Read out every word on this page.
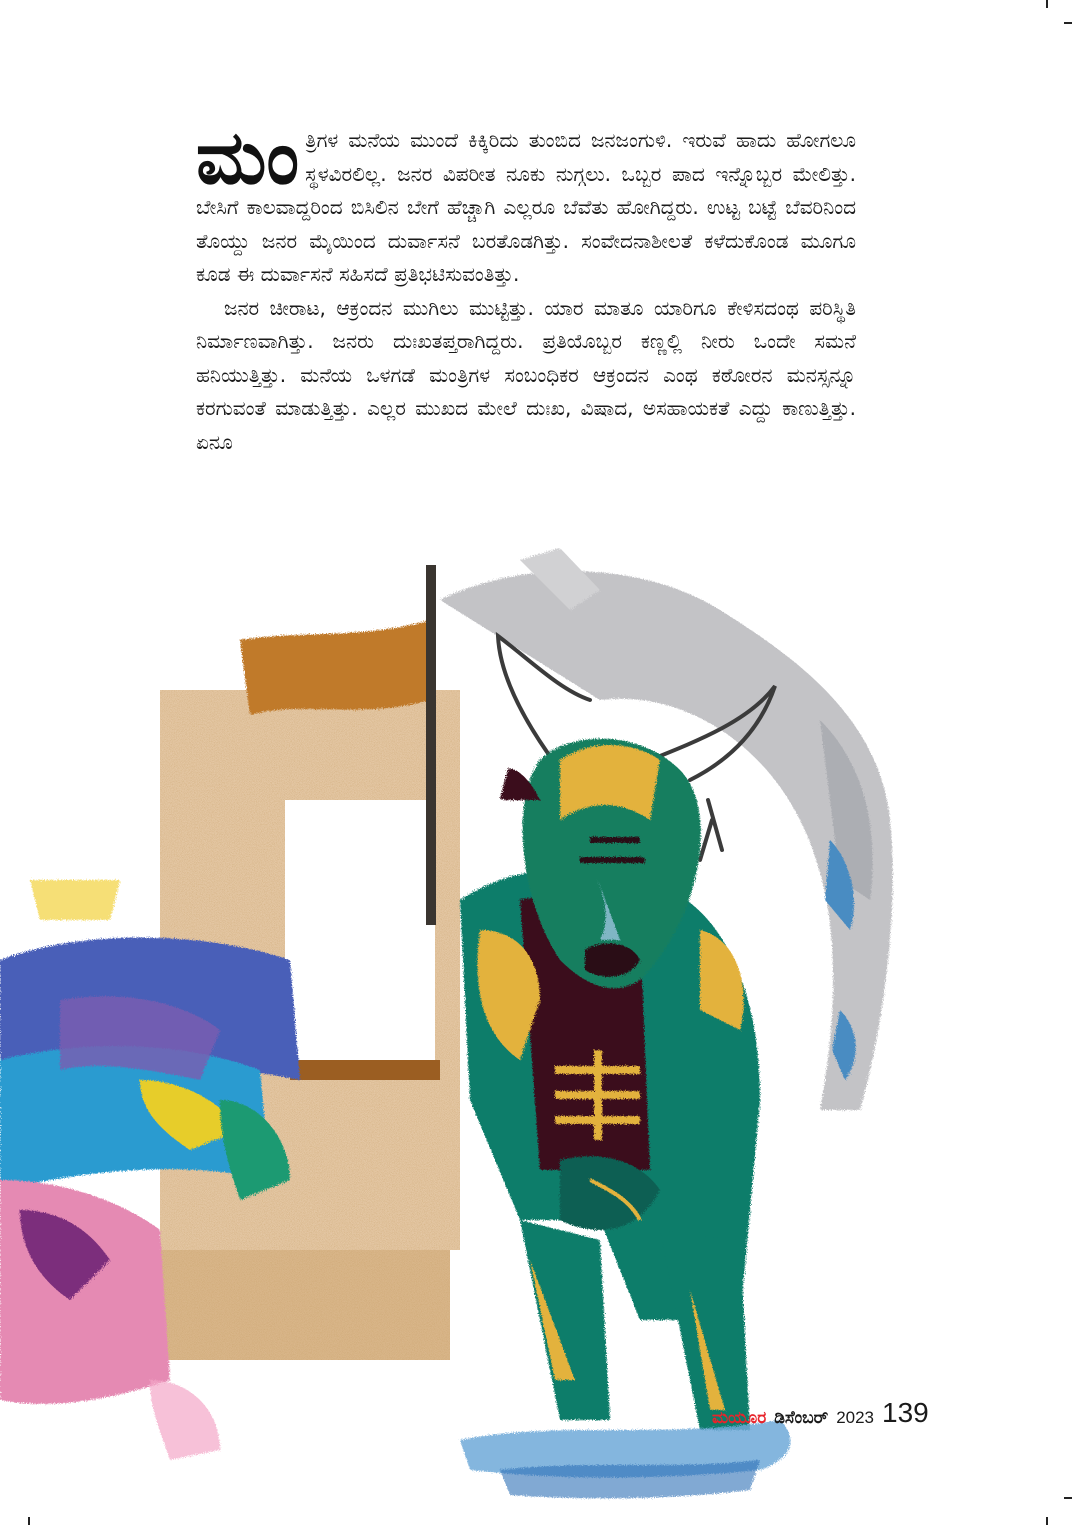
ಮಂತ್ರಿಗಳ ಮನೆಯ ಮುಂದೆ ಕಿಕ್ಕಿರಿದು ತುಂಬಿದ ಜನಜಂಗುಳಿ. ಇರುವೆ ಹಾದು ಹೋಗಲೂ ಸ್ಥಳವಿರಲಿಲ್ಲ. ಜನರ ವಿಪರೀತ ನೂಕು ನುಗ್ಗಲು. ಒಬ್ಬರ ಪಾದ ಇನ್ನೊಬ್ಬರ ಮೇಲಿತ್ತು. ಬೇಸಿಗೆ ಕಾಲವಾದ್ದರಿಂದ ಬಿಸಿಲಿನ ಬೇಗೆ ಹೆಚ್ಚಾಗಿ ಎಲ್ಲರೂ ಬೆವೆತು ಹೋಗಿದ್ದರು. ಉಟ್ಟ ಬಟ್ಟೆ ಬೆವರಿನಿಂದ ತೊಯ್ದು ಜನರ ಮೈಯಿಂದ ದುರ್ವಾಸನೆ ಬರತೊಡಗಿತ್ತು. ಸಂವೇದನಾಶೀಲತೆ ಕಳೆದುಕೊಂಡ ಮೂಗೂ ಕೂಡ ಈ ದುರ್ವಾಸನೆ ಸಹಿಸದೆ ಪ್ರತಿಭಟಿಸುವಂತಿತ್ತು.

ಜನರ ಚೀರಾಟ, ಆಕ್ರಂದನ ಮುಗಿಲು ಮುಟ್ಟಿತ್ತು. ಯಾರ ಮಾತೂ ಯಾರಿಗೂ ಕೇಳಿಸದಂಥ ಪರಿಸ್ಥಿತಿ ನಿರ್ಮಾಣವಾಗಿತ್ತು. ಜನರು ದುಃಖತಪ್ತರಾಗಿದ್ದರು. ಪ್ರತಿಯೊಬ್ಬರ ಕಣ್ಣಲ್ಲಿ ನೀರು ಒಂದೇ ಸಮನೆ ಹನಿಯುತ್ತಿತ್ತು. ಮನೆಯ ಒಳಗಡೆ ಮಂತ್ರಿಗಳ ಸಂಬಂಧಿಕರ ಆಕ್ರಂದನ ಎಂಥ ಕಠೋರನ ಮನಸ್ಸನ್ನೂ ಕರಗುವಂತೆ ಮಾಡುತ್ತಿತ್ತು. ಎಲ್ಲರ ಮುಖದ ಮೇಲೆ ದುಃಖ, ವಿಷಾದ, ಅಸಹಾಯಕತೆ ಎದ್ದು ಕಾಣುತ್ತಿತ್ತು. ಏನೂ

ಮಯೂರ ಡಿಸೆಂಬರ್ 2023 139
